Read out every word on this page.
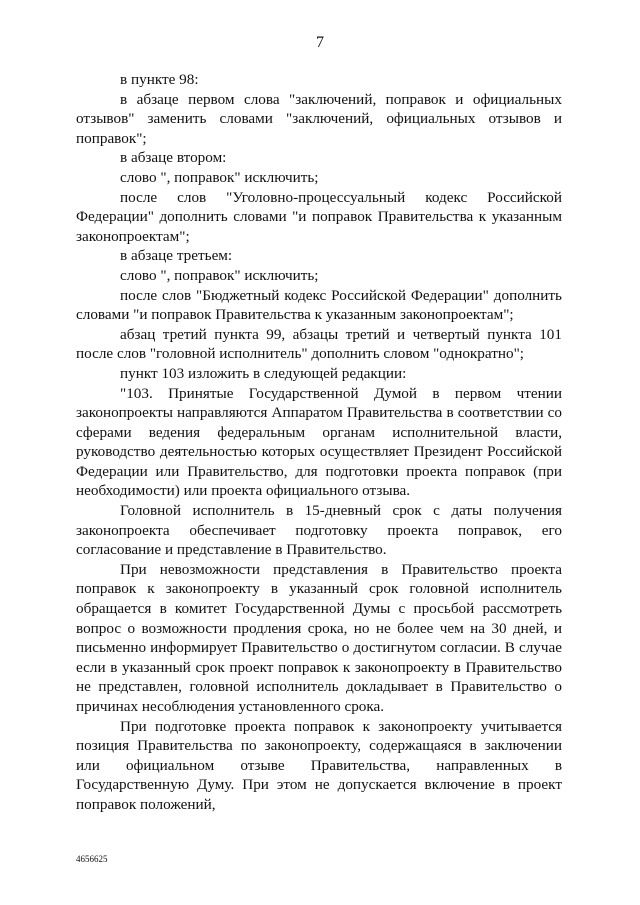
7

в пункте 98:

в абзаце первом слова "заключений, поправок и официальных отзывов" заменить словами "заключений, официальных отзывов и поправок";

в абзаце втором:

слово ", поправок" исключить;

после слов "Уголовно-процессуальный кодекс Российской Федерации" дополнить словами "и поправок Правительства к указанным законопроектам";

в абзаце третьем:

слово ", поправок" исключить;

после слов "Бюджетный кодекс Российской Федерации" дополнить словами "и поправок Правительства к указанным законопроектам";

абзац третий пункта 99, абзацы третий и четвертый пункта 101 после слов "головной исполнитель" дополнить словом "однократно";

пункт 103 изложить в следующей редакции:

"103. Принятые Государственной Думой в первом чтении законопроекты направляются Аппаратом Правительства в соответствии со сферами ведения федеральным органам исполнительной власти, руководство деятельностью которых осуществляет Президент Российской Федерации или Правительство, для подготовки проекта поправок (при необходимости) или проекта официального отзыва.

Головной исполнитель в 15-дневный срок с даты получения законопроекта обеспечивает подготовку проекта поправок, его согласование и представление в Правительство.

При невозможности представления в Правительство проекта поправок к законопроекту в указанный срок головной исполнитель обращается в комитет Государственной Думы с просьбой рассмотреть вопрос о возможности продления срока, но не более чем на 30 дней, и письменно информирует Правительство о достигнутом согласии. В случае если в указанный срок проект поправок к законопроекту в Правительство не представлен, головной исполнитель докладывает в Правительство о причинах несоблюдения установленного срока.

При подготовке проекта поправок к законопроекту учитывается позиция Правительства по законопроекту, содержащаяся в заключении или официальном отзыве Правительства, направленных в Государственную Думу. При этом не допускается включение в проект поправок положений,

4656625
